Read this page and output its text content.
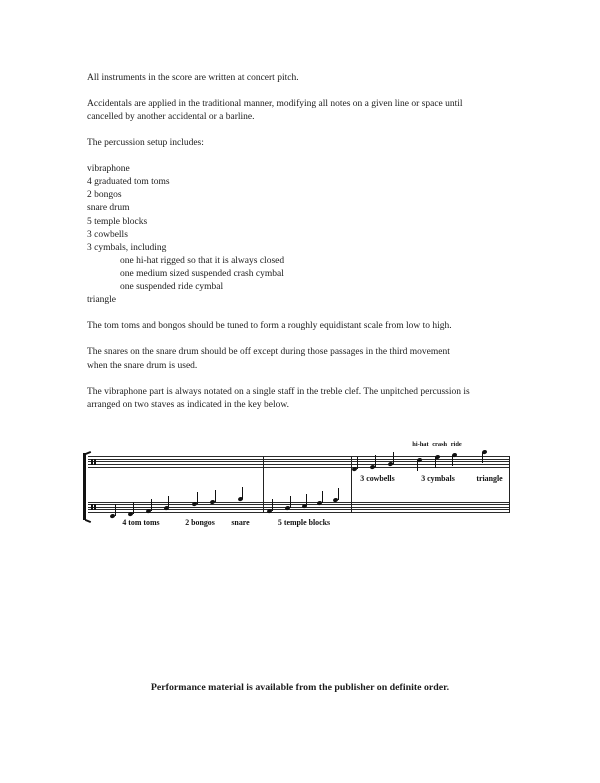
All instruments in the score are written at concert pitch.
Accidentals are applied in the traditional manner, modifying all notes on a given line or space until
cancelled by another accidental or a barline.
The percussion setup includes:
vibraphone
4 graduated tom toms
2 bongos
snare drum
5 temple blocks
3 cowbells
3 cymbals, including
one hi-hat rigged so that it is always closed
one medium sized suspended crash cymbal
one suspended ride cymbal
triangle
The tom toms and bongos should be tuned to form a roughly equidistant scale from low to high.
The snares on the snare drum should be off except during those passages in the third movement
when the snare drum is used.
The vibraphone part is always notated on a single staff in the treble clef. The unpitched percussion is
arranged on two staves as indicated in the key below.
4 tom toms	2 bongos snare	5 temple blocks
3 cowbells	3 cymbals	triangle
hi-hat crash ride
Performance material is available from the publisher on definite order.
